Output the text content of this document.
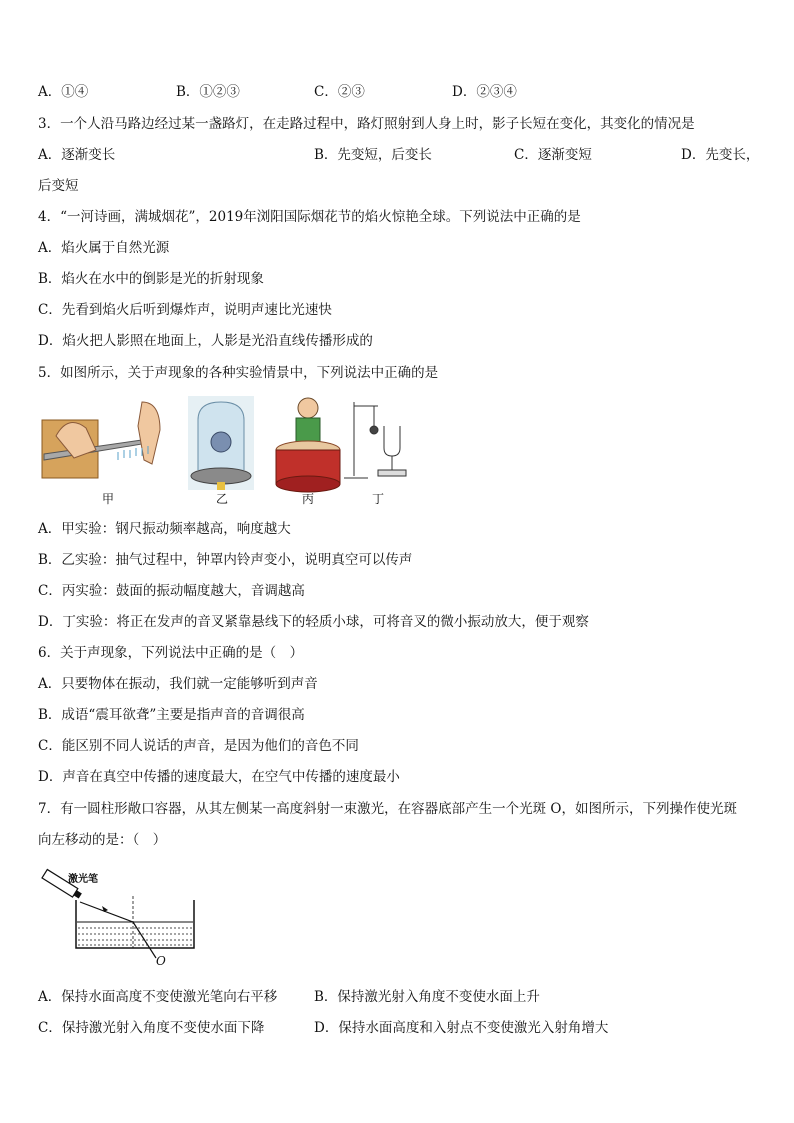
A．①④	B．①②③	C．②③	D．②③④
3．一个人沿马路边经过某一盏路灯，在走路过程中，路灯照射到人身上时，影子长短在变化，其变化的情况是
A．逐渐变长	B．先变短，后变长	C．逐渐变短	D．先变长，
后变短
4．“一河诗画，满城烟花”，2019年浏阳国际烟花节的焰火惊艳全球。下列说法中正确的是
A．焰火属于自然光源
B．焰火在水中的倒影是光的折射现象
C．先看到焰火后听到爆炸声，说明声速比光速快
D．焰火把人影照在地面上，人影是光沿直线传播形成的
5．如图所示，关于声现象的各种实验情景中，下列说法中正确的是
甲	乙	丙	丁
A．甲实验：钢尺振动频率越高，响度越大
B．乙实验：抽气过程中，钟罩内铃声变小，说明真空可以传声
C．丙实验：鼓面的振动幅度越大，音调越高
D．丁实验：将正在发声的音叉紧靠悬线下的轻质小球，可将音叉的微小振动放大，便于观察
6．关于声现象，下列说法中正确的是（　）
A．只要物体在振动，我们就一定能够听到声音
B．成语“震耳欲聋”主要是指声音的音调很高
C．能区别不同人说话的声音，是因为他们的音色不同
D．声音在真空中传播的速度最大，在空气中传播的速度最小
7．有一圆柱形敞口容器，从其左侧某一高度斜射一束激光，在容器底部产生一个光斑 O，如图所示，下列操作使光斑
向左移动的是：（　）
激光笔
O
A．保持水面高度不变使激光笔向右平移	B．保持激光射入角度不变使水面上升
C．保持激光射入角度不变使水面下降	D．保持水面高度和入射点不变使激光入射角增大
